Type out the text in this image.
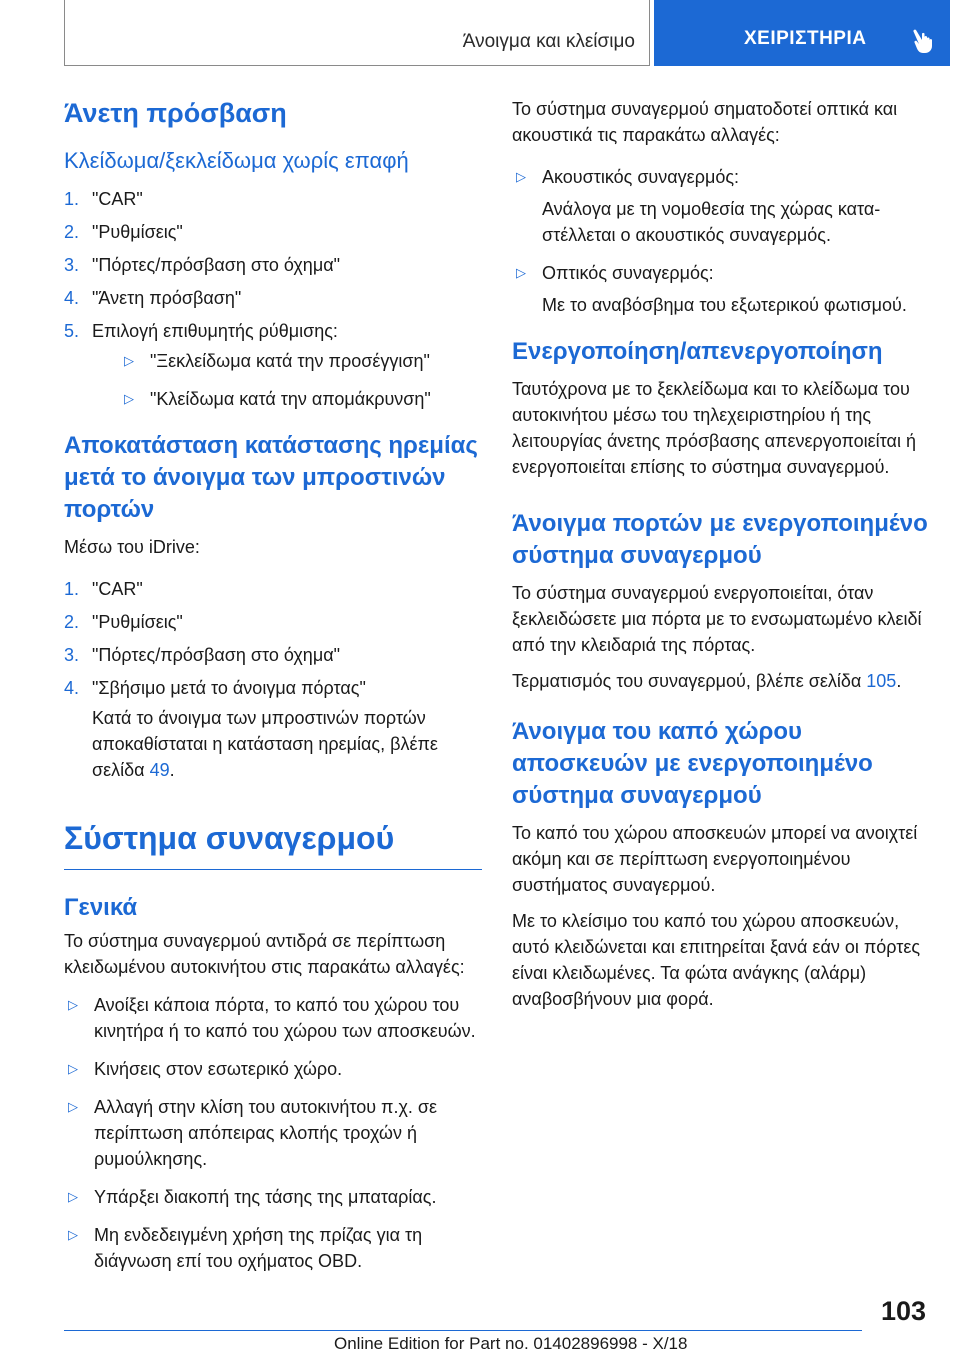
Άνοιγμα και κλείσιμο	ΧΕΙΡΙΣΤΗΡΙΑ
Άνετη πρόσβαση
Κλείδωμα/ξεκλείδωμα χωρίς επαφή
1. "CAR"
2. "Ρυθμίσεις"
3. "Πόρτες/πρόσβαση στο όχημα"
4. "Άνετη πρόσβαση"
5. Επιλογή επιθυμητής ρύθμισης:
▷ "Ξεκλείδωμα κατά την προσέγγιση"
▷ "Κλείδωμα κατά την απομάκρυνση"
Αποκατάσταση κατάστασης ηρεμίας μετά το άνοιγμα των μπροστινών πορτών

Μέσω του iDrive:

1. "CAR"
2. "Ρυθμίσεις"
3. "Πόρτες/πρόσβαση στο όχημα"
4. "Σβήσιμο μετά το άνοιγμα πόρτας"

Κατά το άνοιγμα των μπροστινών πορτών αποκαθίσταται η κατάσταση ηρεμίας, βλέπε σελίδα 49.

Σύστημα συναγερμού
Γενικά

Το σύστημα συναγερμού αντιδρά σε περίπτωση κλειδωμένου αυτοκινήτου στις παρακάτω αλλαγές:

▷ Ανοίξει κάποια πόρτα, το καπό του χώρου του κινητήρα ή το καπό του χώρου των αποσκευών.
▷ Κινήσεις στον εσωτερικό χώρο.
▷ Αλλαγή στην κλίση του αυτοκινήτου π.χ. σε περίπτωση απόπειρας κλοπής τροχών ή ρυμούλκησης.
▷ Υπάρξει διακοπή της τάσης της μπαταρίας.
▷ Μη ενδεδειγμένη χρήση της πρίζας για τη διάγνωση επί του οχήματος OBD.

Το σύστημα συναγερμού σηματοδοτεί οπτικά και ακουστικά τις παρακάτω αλλαγές:

▷ Ακουστικός συναγερμός:

Ανάλογα με τη νομοθεσία της χώρας καταστέλλεται ο ακουστικός συναγερμός.

▷ Οπτικός συναγερμός:

Με το αναβόσβημα του εξωτερικού φωτισμού.

Ενεργοποίηση/απενεργοποίηση

Ταυτόχρονα με το ξεκλείδωμα και το κλείδωμα του αυτοκινήτου μέσω του τηλεχειριστηρίου ή της λειτουργίας άνετης πρόσβασης απενεργοποιείται ή ενεργοποιείται επίσης το σύστημα συναγερμού.

Άνοιγμα πορτών με ενεργοποιημένο σύστημα συναγερμού

Το σύστημα συναγερμού ενεργοποιείται, όταν ξεκλειδώσετε μια πόρτα με το ενσωματωμένο κλειδί από την κλειδαριά της πόρτας.

Τερματισμός του συναγερμού, βλέπε σελίδα 105.

Άνοιγμα του καπό χώρου αποσκευών με ενεργοποιημένο σύστημα συναγερμού

Το καπό του χώρου αποσκευών μπορεί να ανοιχτεί ακόμη και σε περίπτωση ενεργοποιημένου συστήματος συναγερμού.

Με το κλείσιμο του καπό του χώρου αποσκευών, αυτό κλειδώνεται και επιτηρείται ξανά εάν οι πόρτες είναι κλειδωμένες. Τα φώτα ανάγκης (αλάρμ) αναβοσβήνουν μια φορά.

103
Online Edition for Part no. 01402896998 - X/18
